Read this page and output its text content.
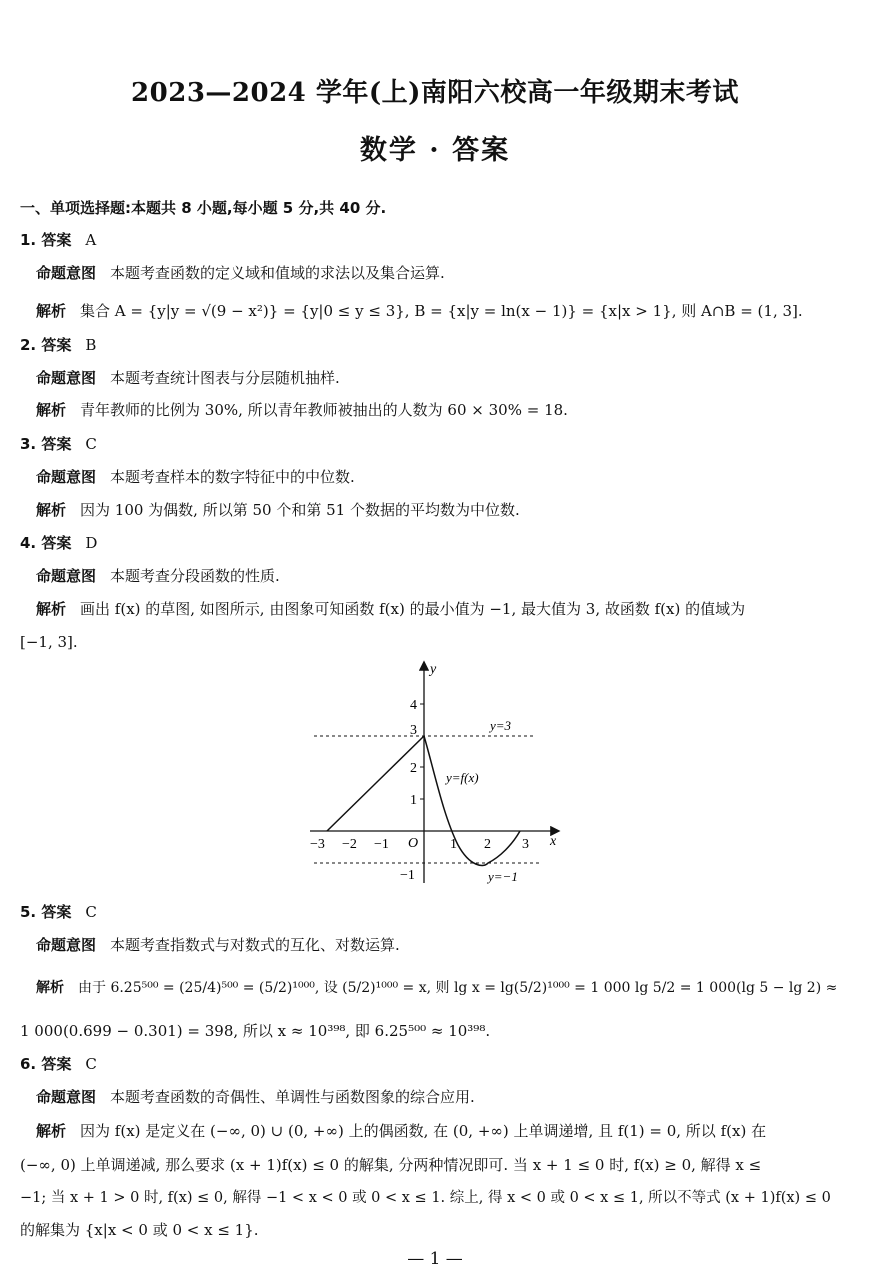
2023—2024 学年(上)南阳六校高一年级期末考试
数学 · 答案
一、单项选择题:本题共 8 小题,每小题 5 分,共 40 分.
1. 答案 A
命题意图 本题考查函数的定义域和值域的求法以及集合运算.
解析 集合 A = {y|y = √(9 − x²)} = {y|0 ≤ y ≤ 3}, B = {x|y = ln(x − 1)} = {x|x > 1}, 则 A∩B = (1, 3].
2. 答案 B
命题意图 本题考查统计图表与分层随机抽样.
解析 青年教师的比例为 30%, 所以青年教师被抽出的人数为 60 × 30% = 18.
3. 答案 C
命题意图 本题考查样本的数字特征中的中位数.
解析 因为 100 为偶数, 所以第 50 个和第 51 个数据的平均数为中位数.
4. 答案 D
命题意图 本题考查分段函数的性质.
解析 画出 f(x) 的草图, 如图所示, 由图象可知函数 f(x) 的最小值为 −1, 最大值为 3, 故函数 f(x) 的值域为
[−1, 3].
y
x
O
−3 −2 −1	1 2 3
4
3
2
1
−1
y=3
y=−1
y=f(x)
5. 答案 C
命题意图 本题考查指数式与对数式的互化、对数运算.
解析 由于 6.25⁵⁰⁰ = (25/4)⁵⁰⁰ = (5/2)¹⁰⁰⁰, 设 (5/2)¹⁰⁰⁰ = x, 则 lg x = lg(5/2)¹⁰⁰⁰ = 1 000 lg 5/2 = 1 000(lg 5 − lg 2) ≈
1 000(0.699 − 0.301) = 398, 所以 x ≈ 10³⁹⁸, 即 6.25⁵⁰⁰ ≈ 10³⁹⁸.
6. 答案 C
命题意图 本题考查函数的奇偶性、单调性与函数图象的综合应用.
解析 因为 f(x) 是定义在 (−∞, 0) ∪ (0, +∞) 上的偶函数, 在 (0, +∞) 上单调递增, 且 f(1) = 0, 所以 f(x) 在
(−∞, 0) 上单调递减, 那么要求 (x + 1)f(x) ≤ 0 的解集, 分两种情况即可. 当 x + 1 ≤ 0 时, f(x) ≥ 0, 解得 x ≤
−1; 当 x + 1 > 0 时, f(x) ≤ 0, 解得 −1 < x < 0 或 0 < x ≤ 1. 综上, 得 x < 0 或 0 < x ≤ 1, 所以不等式 (x + 1)f(x) ≤ 0
的解集为 {x|x < 0 或 0 < x ≤ 1}.
— 1 —
